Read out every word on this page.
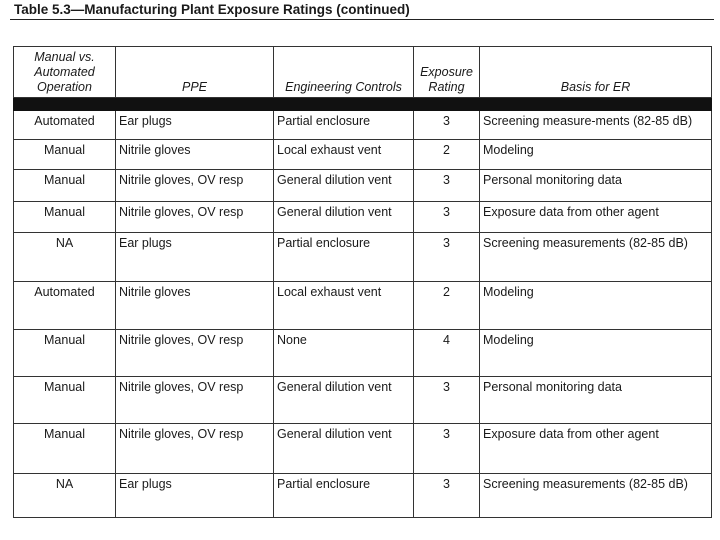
Table 5.3—Manufacturing Plant Exposure Ratings (continued)
Manual vs. Automated Operation	PPE	Engineering Controls	Exposure Rating	Basis for ER

Automated	Ear plugs	Partial enclosure	3	Screening measure-ments (82-85 dB)
Manual	Nitrile gloves	Local exhaust vent	2	Modeling
Manual	Nitrile gloves, OV resp	General dilution vent	3	Personal monitoring data
Manual	Nitrile gloves, OV resp	General dilution vent	3	Exposure data from other agent
NA	Ear plugs	Partial enclosure	3	Screening measurements (82-85 dB)
Automated	Nitrile gloves	Local exhaust vent	2	Modeling
Manual	Nitrile gloves, OV resp	None	4	Modeling
Manual	Nitrile gloves, OV resp	General dilution vent	3	Personal monitoring data
Manual	Nitrile gloves, OV resp	General dilution vent	3	Exposure data from other agent
NA	Ear plugs	Partial enclosure	3	Screening measurements (82-85 dB)
